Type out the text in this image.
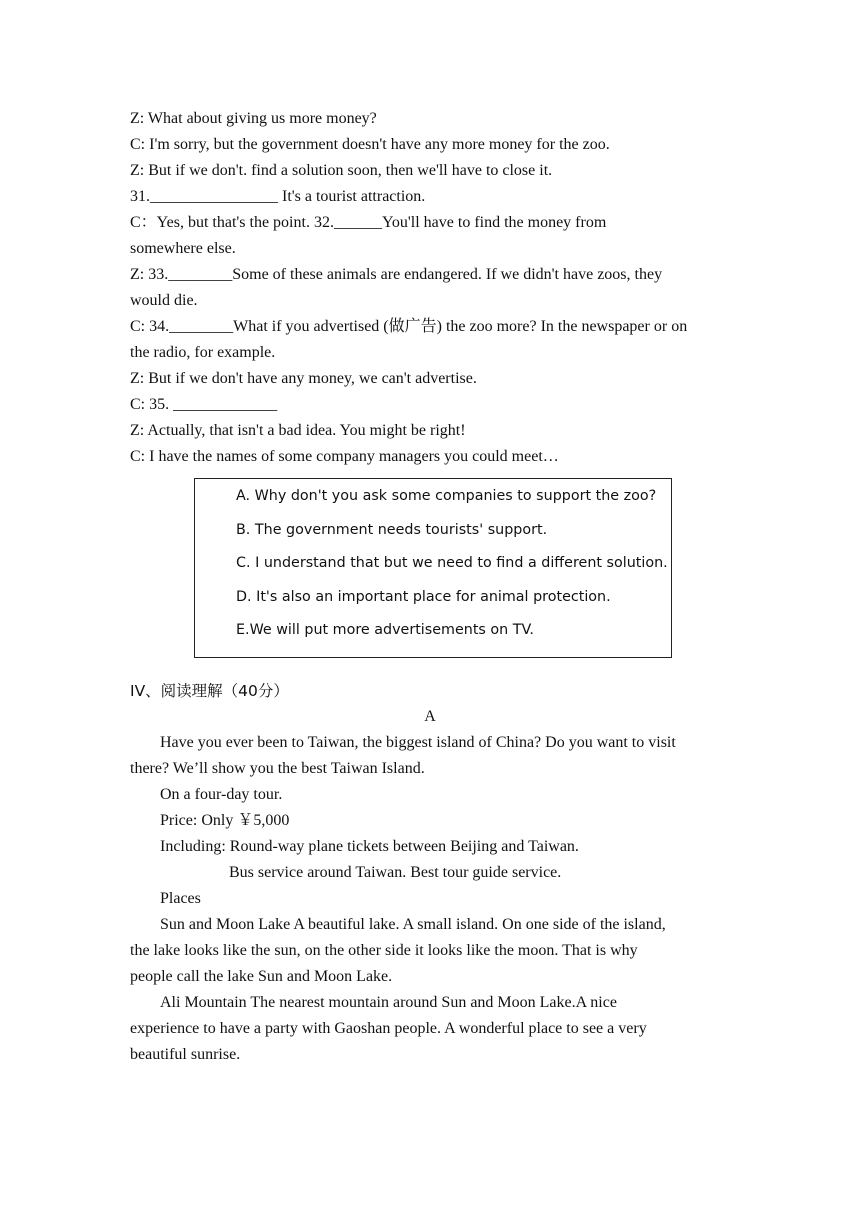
Z: What about giving us more money?
C: I'm sorry, but the government doesn't have any more money for the zoo.
Z: But if we don't. find a solution soon, then we'll have to close it.
31.________________ It's a tourist attraction.
C：Yes, but that's the point. 32.______You'll have to find the money from
somewhere else.
Z: 33.________Some of these animals are endangered. If we didn't have zoos, they
would die.
C: 34.________What if you advertised (做广告) the zoo more? In the newspaper or on
the radio, for example.
Z: But if we don't have any money, we can't advertise.
C: 35. _____________
Z: Actually, that isn't a bad idea. You might be right!
C: I have the names of some company managers you could meet…
A. Why don't you ask some companies to support the zoo?
B. The government needs tourists' support.
C. I understand that but we need to find a different solution.
D. It's also an important place for animal protection.
E.We will put more advertisements on TV.
IV、阅读理解（40分）
A
Have you ever been to Taiwan, the biggest island of China? Do you want to visit
there? We’ll show you the best Taiwan Island.
On a four-day tour.
Price: Only ￥5,000
Including: Round-way plane tickets between Beijing and Taiwan.
Bus service around Taiwan. Best tour guide service.
Places
Sun and Moon Lake A beautiful lake. A small island. On one side of the island,
the lake looks like the sun, on the other side it looks like the moon. That is why
people call the lake Sun and Moon Lake.
Ali Mountain The nearest mountain around Sun and Moon Lake.A nice
experience to have a party with Gaoshan people. A wonderful place to see a very
beautiful sunrise.
